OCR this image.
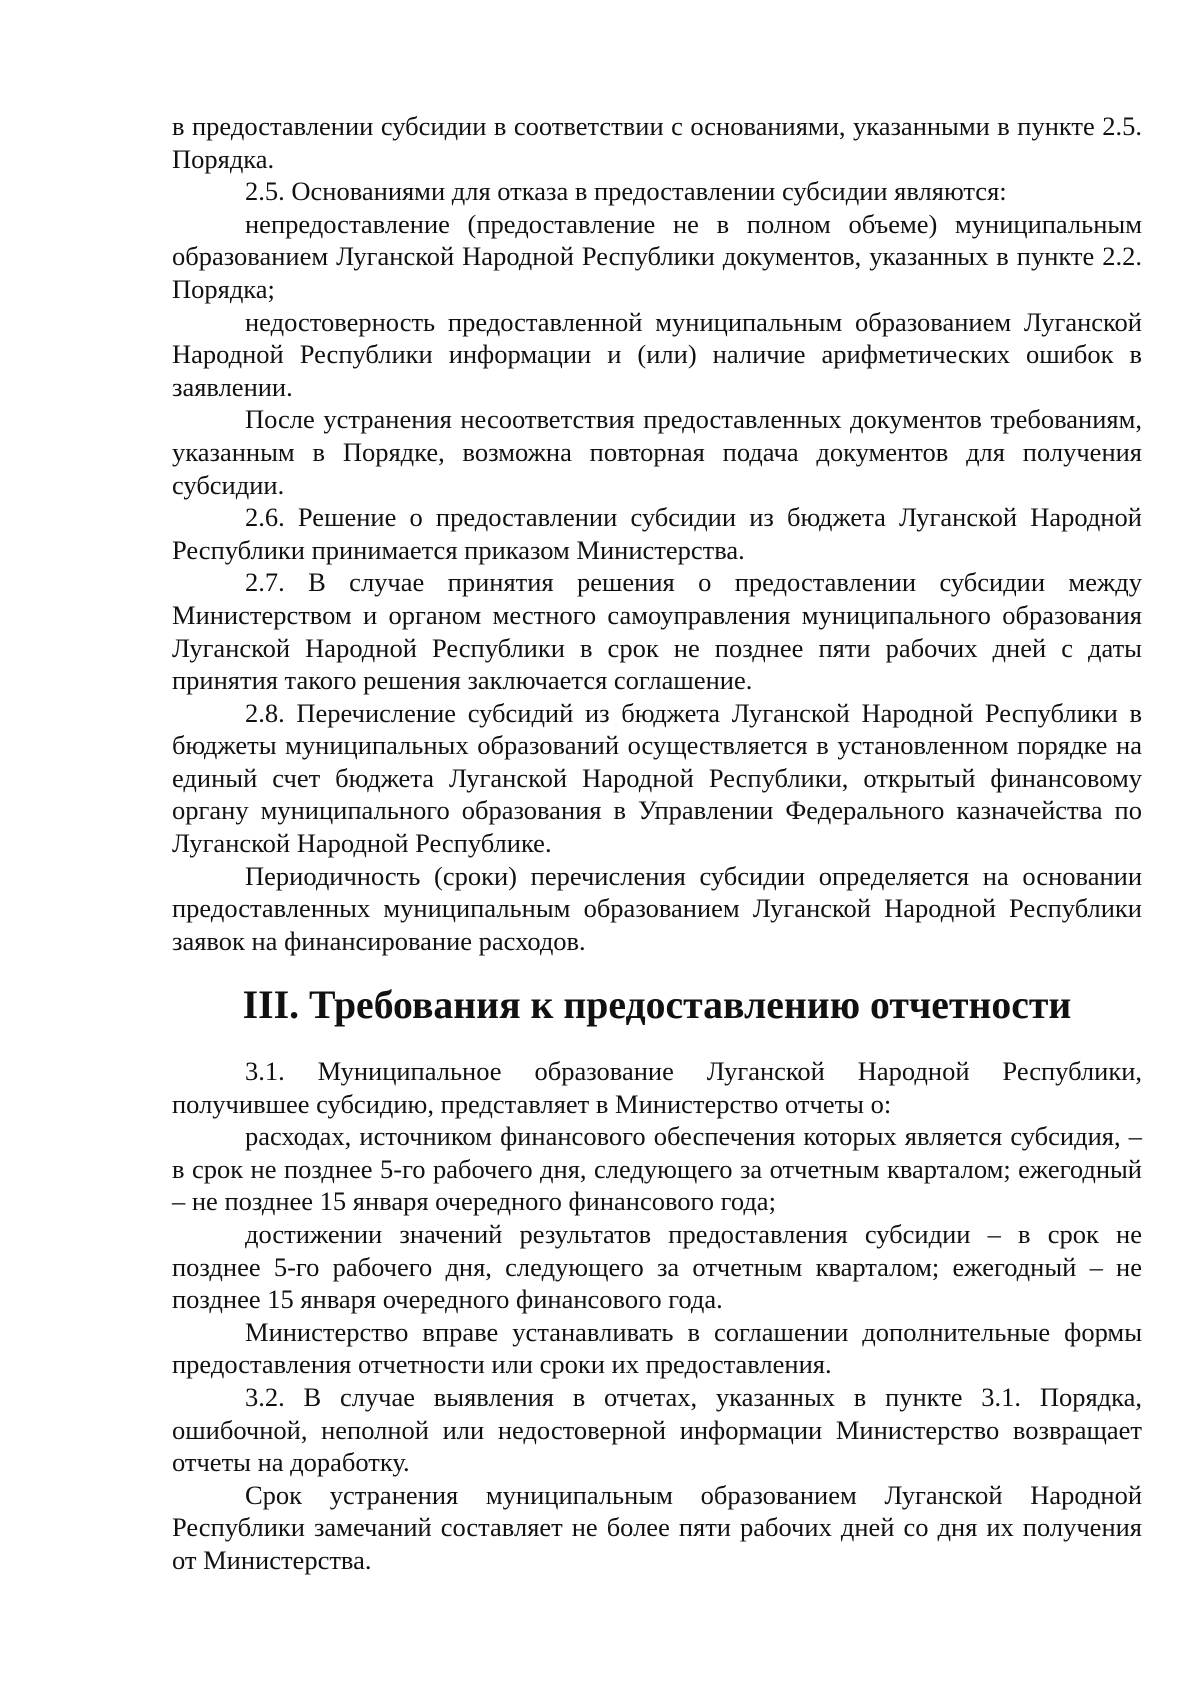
в предоставлении субсидии в соответствии с основаниями, указанными в пункте 2.5. Порядка.

2.5. Основаниями для отказа в предоставлении субсидии являются:

непредоставление (предоставление не в полном объеме) муниципальным образованием Луганской Народной Республики документов, указанных в пункте 2.2. Порядка;

недостоверность предоставленной муниципальным образованием Луганской Народной Республики информации и (или) наличие арифметических ошибок в заявлении.

После устранения несоответствия предоставленных документов требованиям, указанным в Порядке, возможна повторная подача документов для получения субсидии.

2.6. Решение о предоставлении субсидии из бюджета Луганской Народной Республики принимается приказом Министерства.

2.7. В случае принятия решения о предоставлении субсидии между Министерством и органом местного самоуправления муниципального образования Луганской Народной Республики в срок не позднее пяти рабочих дней с даты принятия такого решения заключается соглашение.

2.8. Перечисление субсидий из бюджета Луганской Народной Республики в бюджеты муниципальных образований осуществляется в установленном порядке на единый счет бюджета Луганской Народной Республики, открытый финансовому органу муниципального образования в Управлении Федерального казначейства по Луганской Народной Республике.

Периодичность (сроки) перечисления субсидии определяется на основании предоставленных муниципальным образованием Луганской Народной Республики заявок на финансирование расходов.

III. Требования к предоставлению отчетности

3.1. Муниципальное образование Луганской Народной Республики, получившее субсидию, представляет в Министерство отчеты о:

расходах, источником финансового обеспечения которых является субсидия, – в срок не позднее 5-го рабочего дня, следующего за отчетным кварталом; ежегодный – не позднее 15 января очередного финансового года;

достижении значений результатов предоставления субсидии – в срок не позднее 5-го рабочего дня, следующего за отчетным кварталом; ежегодный – не позднее 15 января очередного финансового года.

Министерство вправе устанавливать в соглашении дополнительные формы предоставления отчетности или сроки их предоставления.

3.2. В случае выявления в отчетах, указанных в пункте 3.1. Порядка, ошибочной, неполной или недостоверной информации Министерство возвращает отчеты на доработку.

Срок устранения муниципальным образованием Луганской Народной Республики замечаний составляет не более пяти рабочих дней со дня их получения от Министерства.
